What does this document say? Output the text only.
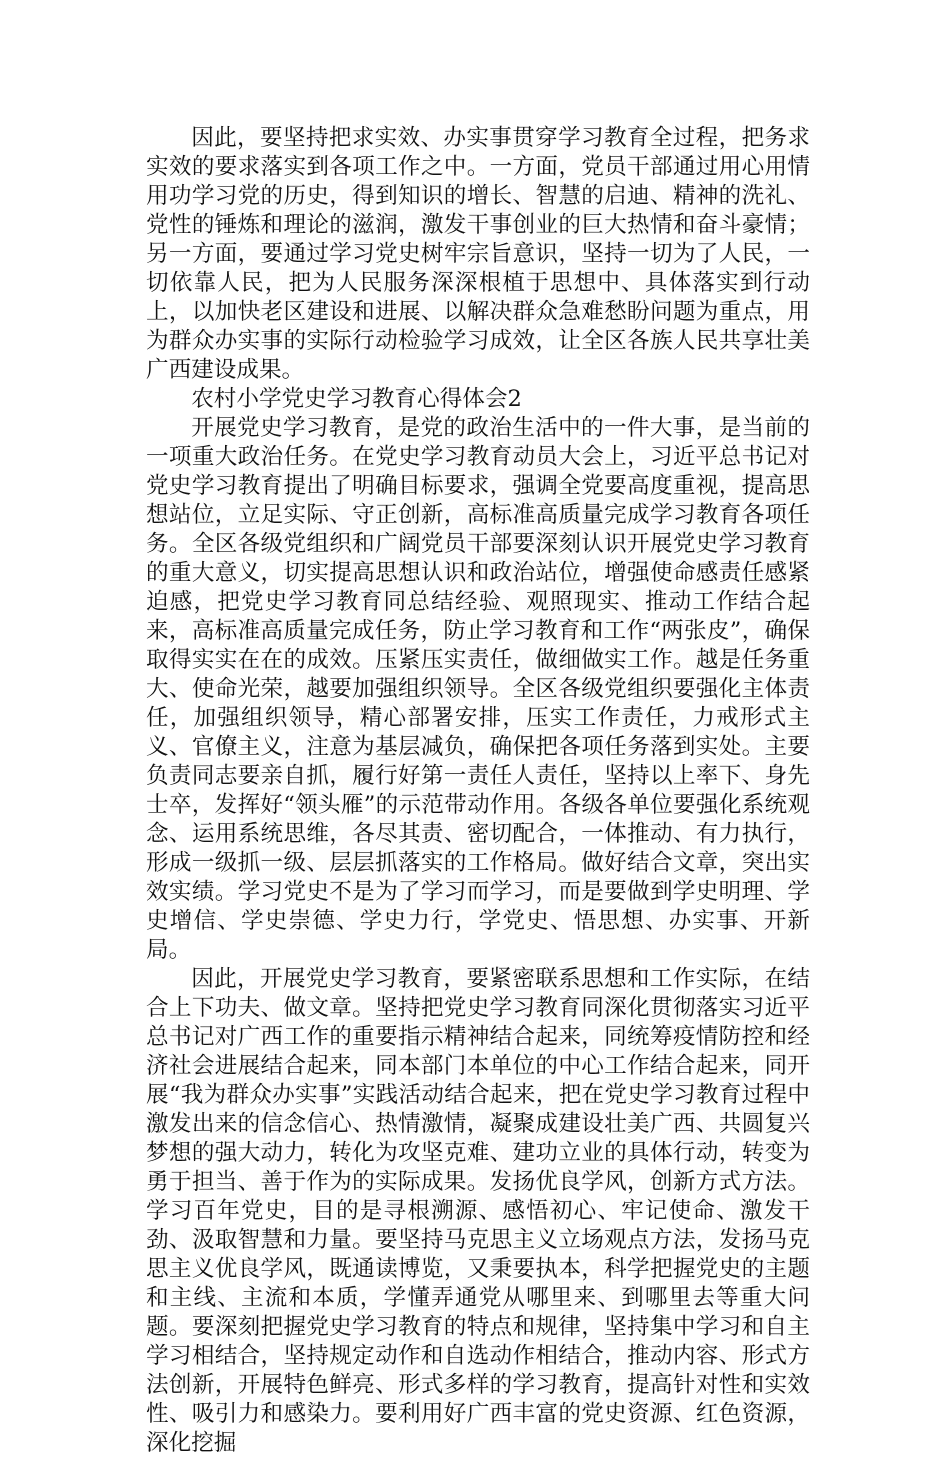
因此，要坚持把求实效、办实事贯穿学习教育全过程，把务求实效的要求落实到各项工作之中。一方面，党员干部通过用心用情用功学习党的历史，得到知识的增长、智慧的启迪、精神的洗礼、党性的锤炼和理论的滋润，激发干事创业的巨大热情和奋斗豪情；另一方面，要通过学习党史树牢宗旨意识，坚持一切为了人民，一切依靠人民，把为人民服务深深根植于思想中、具体落实到行动上，以加快老区建设和进展、以解决群众急难愁盼问题为重点，用为群众办实事的实际行动检验学习成效，让全区各族人民共享壮美广西建设成果。

农村小学党史学习教育心得体会2

开展党史学习教育，是党的政治生活中的一件大事，是当前的一项重大政治任务。在党史学习教育动员大会上，习近平总书记对党史学习教育提出了明确目标要求，强调全党要高度重视，提高思想站位，立足实际、守正创新，高标准高质量完成学习教育各项任务。全区各级党组织和广阔党员干部要深刻认识开展党史学习教育的重大意义，切实提高思想认识和政治站位，增强使命感责任感紧迫感，把党史学习教育同总结经验、观照现实、推动工作结合起来，高标准高质量完成任务，防止学习教育和工作“两张皮”，确保取得实实在在的成效。压紧压实责任，做细做实工作。越是任务重大、使命光荣，越要加强组织领导。全区各级党组织要强化主体责任，加强组织领导，精心部署安排，压实工作责任，力戒形式主义、官僚主义，注意为基层减负，确保把各项任务落到实处。主要负责同志要亲自抓，履行好第一责任人责任，坚持以上率下、身先士卒，发挥好“领头雁”的示范带动作用。各级各单位要强化系统观念、运用系统思维，各尽其责、密切配合，一体推动、有力执行，形成一级抓一级、层层抓落实的工作格局。做好结合文章，突出实效实绩。学习党史不是为了学习而学习，而是要做到学史明理、学史增信、学史崇德、学史力行，学党史、悟思想、办实事、开新局。

因此，开展党史学习教育，要紧密联系思想和工作实际，在结合上下功夫、做文章。坚持把党史学习教育同深化贯彻落实习近平总书记对广西工作的重要指示精神结合起来，同统筹疫情防控和经济社会进展结合起来，同本部门本单位的中心工作结合起来，同开展“我为群众办实事”实践活动结合起来，把在党史学习教育过程中激发出来的信念信心、热情激情，凝聚成建设壮美广西、共圆复兴梦想的强大动力，转化为攻坚克难、建功立业的具体行动，转变为勇于担当、善于作为的实际成果。发扬优良学风，创新方式方法。学习百年党史，目的是寻根溯源、感悟初心、牢记使命、激发干劲、汲取智慧和力量。要坚持马克思主义立场观点方法，发扬马克思主义优良学风，既通读博览，又秉要执本，科学把握党史的主题和主线、主流和本质，学懂弄通党从哪里来、到哪里去等重大问题。要深刻把握党史学习教育的特点和规律，坚持集中学习和自主学习相结合，坚持规定动作和自选动作相结合，推动内容、形式方法创新，开展特色鲜亮、形式多样的学习教育，提高针对性和实效性、吸引力和感染力。要利用好广西丰富的党史资源、红色资源，深化挖掘
